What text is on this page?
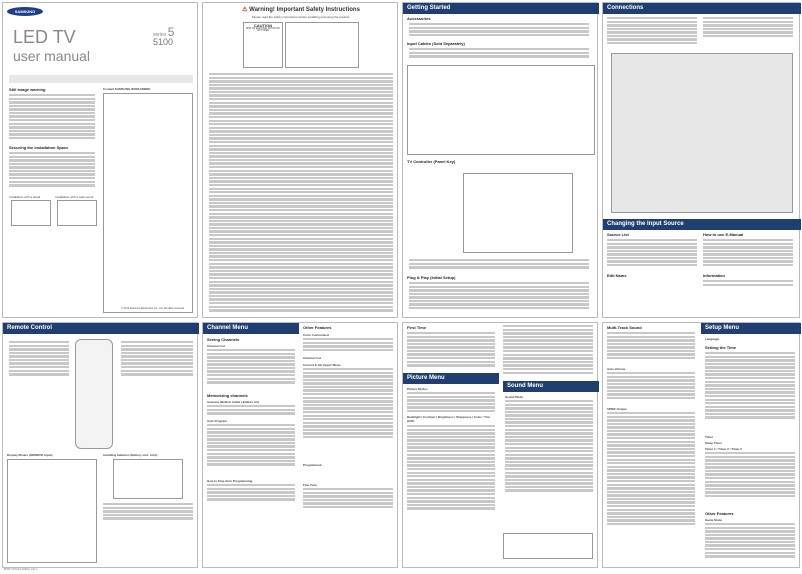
SAMSUNG
series 5
5100
LED TV
user manual
Still image warning
Securing the Installation Space
Installation with a stand.	Installation with a wall-mount.
Contact SAMSUNG WORLDWIDE
© 2013 Samsung Electronics Co., Ltd. All rights reserved.
⚠ Warning! Important Safety Instructions
Please read the safety instructions before installing and using the product.
CAUTION
RISK OF ELECTRIC SHOCK DO NOT OPEN
Getting Started
Accessories
Input Cables (Sold Separately)
TV Controller (Panel Key)
Plug & Play (Initial Setup)
Connections
Changing the Input Source
Source List
Edit Name
How to use E-Manual
Information
Remote Control
Display Modes (HDMI/DVI Input)	Installing batteries (Battery size: AAA)
Channel Menu
Seeing Channels
Channel List
Memorizing channels
Antenna (Built-In Cable / Built-In Air)
Auto Program
How to Stop Auto Programming
Other Features
Color Customized
Channel List
Current & Set Upper Menu
Programmed
Fine Tune
First Time
Picture Menu
Picture Modes
Backlight / Contrast / Brightness / Sharpness / Color / Tint (G/R)
Sound Menu
Sound Mode
Multi-Track Sound
Auto Volume
SPDIF Output
Setup Menu
Language
Setting the Time
Timer
Sleep Timer
Timer 1 / Timer 2 / Timer 3
Other Features
Game Mode
BN68-XXXXXA-00ENG.indb 1
